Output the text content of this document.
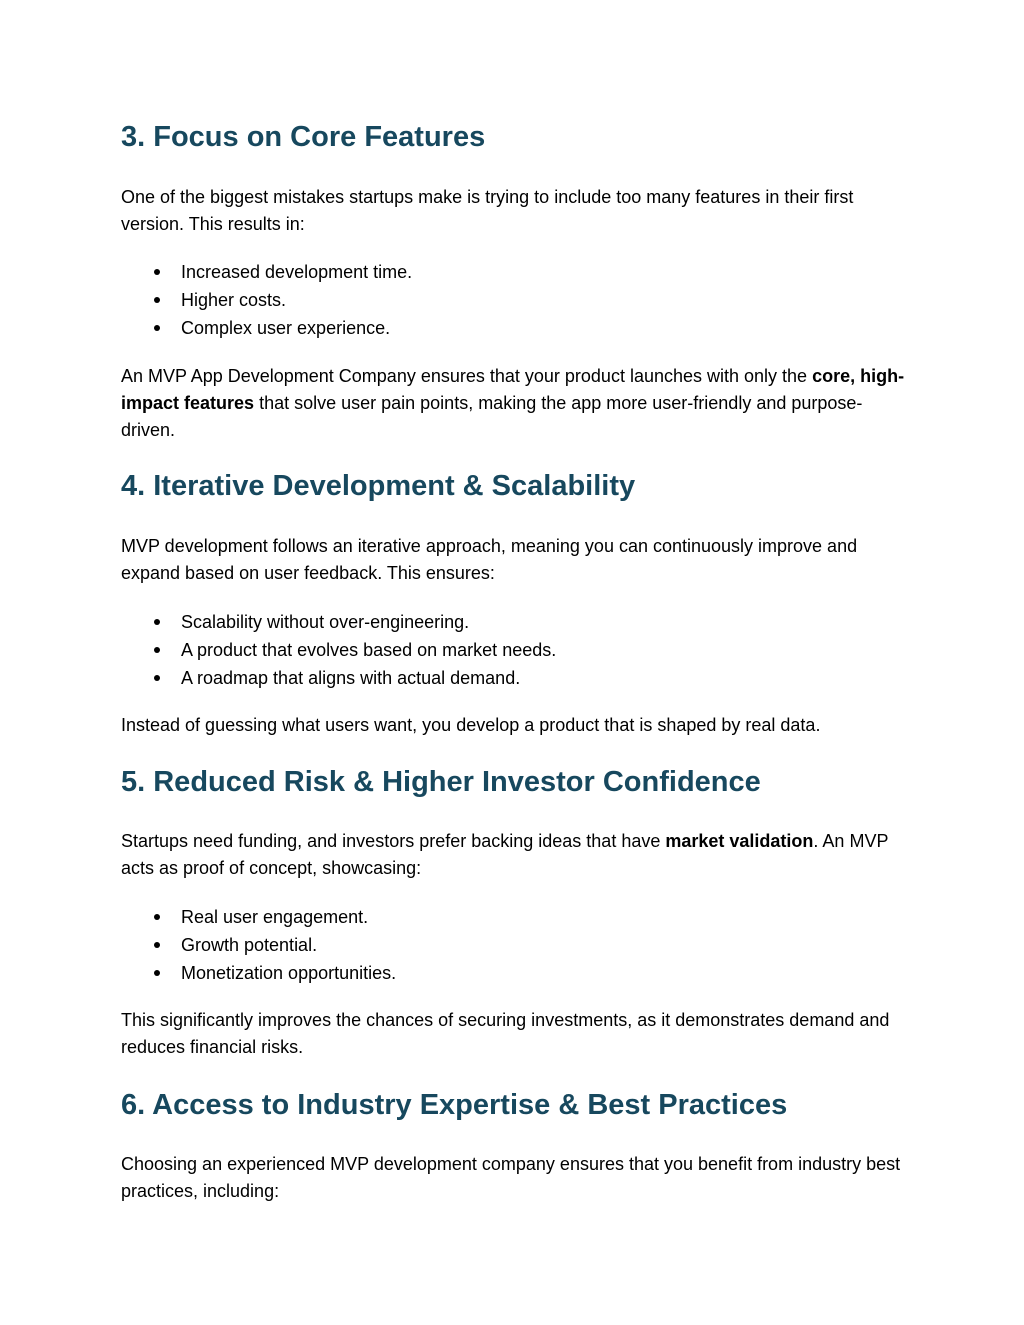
3. Focus on Core Features

One of the biggest mistakes startups make is trying to include too many features in their first version. This results in:

Increased development time.
Higher costs.
Complex user experience.

An MVP App Development Company ensures that your product launches with only the core, high-impact features that solve user pain points, making the app more user-friendly and purpose-driven.

4. Iterative Development & Scalability

MVP development follows an iterative approach, meaning you can continuously improve and expand based on user feedback. This ensures:

Scalability without over-engineering.
A product that evolves based on market needs.
A roadmap that aligns with actual demand.

Instead of guessing what users want, you develop a product that is shaped by real data.

5. Reduced Risk & Higher Investor Confidence

Startups need funding, and investors prefer backing ideas that have market validation. An MVP acts as proof of concept, showcasing:

Real user engagement.
Growth potential.
Monetization opportunities.

This significantly improves the chances of securing investments, as it demonstrates demand and reduces financial risks.

6. Access to Industry Expertise & Best Practices

Choosing an experienced MVP development company ensures that you benefit from industry best practices, including:
